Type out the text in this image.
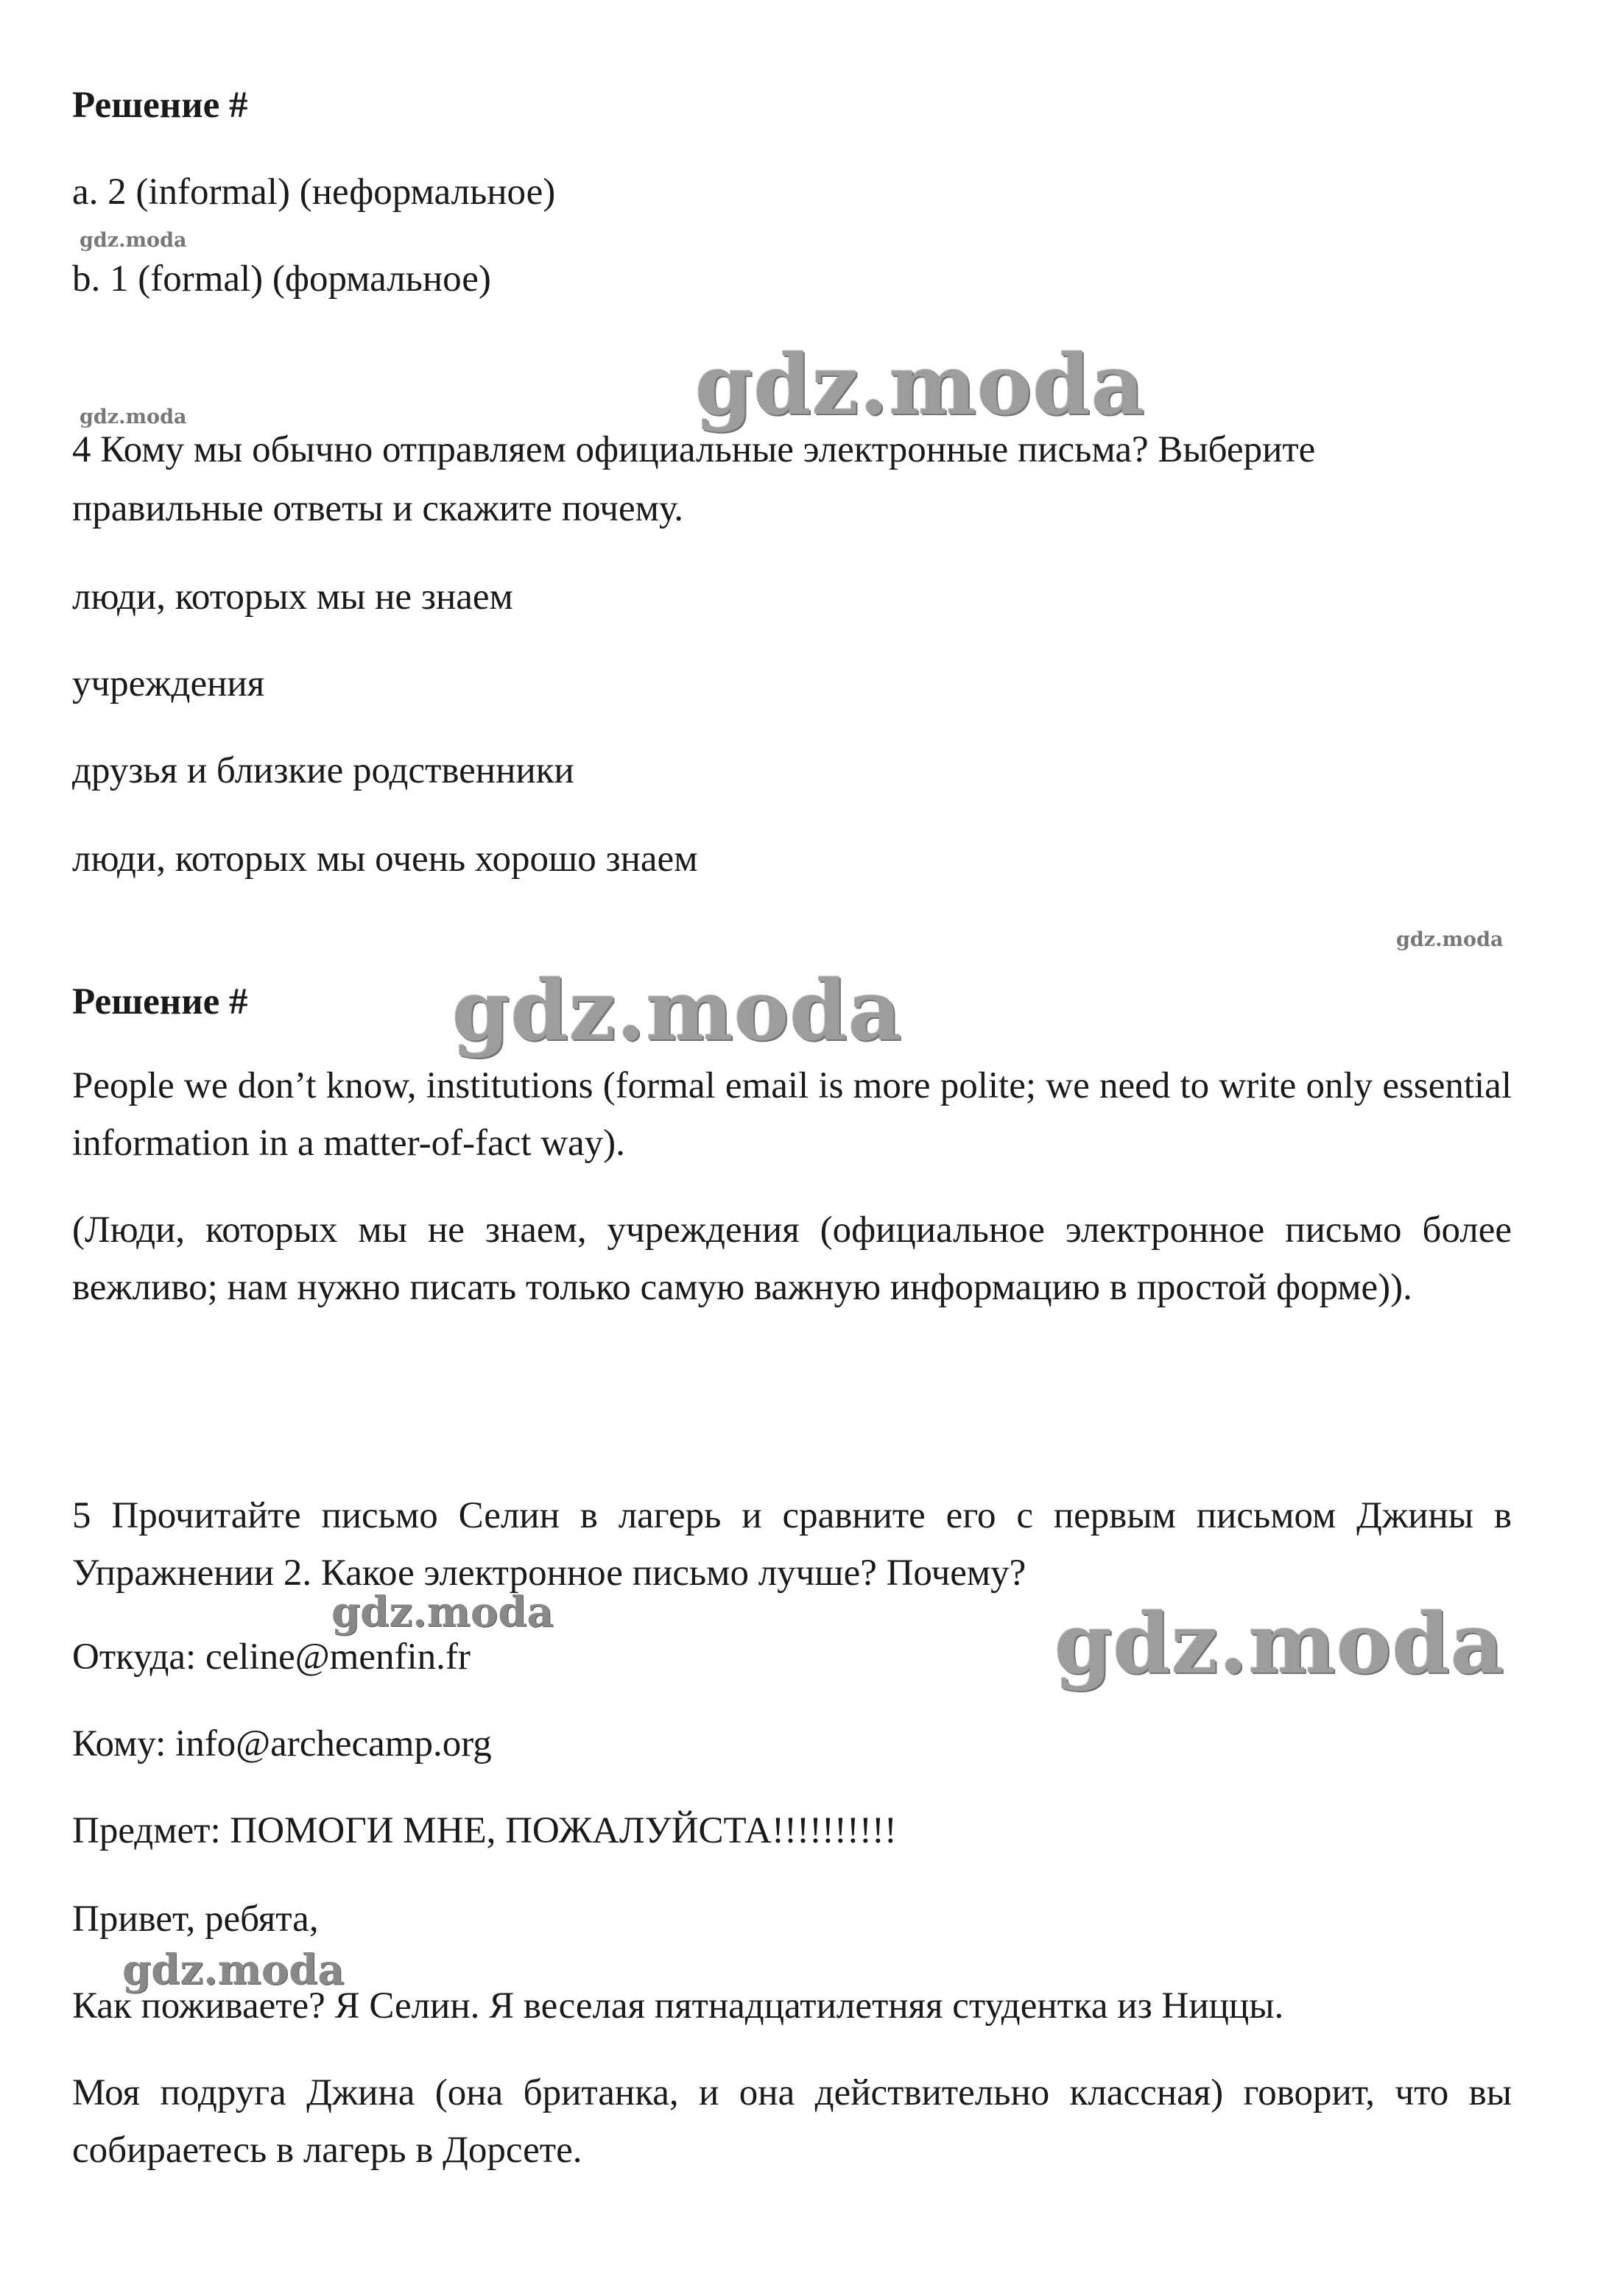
Решение #
a. 2 (informal) (неформальное)
gdz.moda
b. 1 (formal) (формальное)
gdz.moda
gdz.moda
4 Кому мы обычно отправляем официальные электронные письма? Выберите
правильные ответы и скажите почему.
люди, которых мы не знаем
учреждения
друзья и близкие родственники
люди, которых мы очень хорошо знаем
gdz.moda
Решение # gdz.moda
People we don’t know, institutions (formal email is more polite; we need to write only essential information in a matter-of-fact way).
(Люди, которых мы не знаем, учреждения (официальное электронное письмо более вежливо; нам нужно писать только самую важную информацию в простой форме)).
5 Прочитайте письмо Селин в лагерь и сравните его с первым письмом Джины в Упражнении 2. Какое электронное письмо лучше? Почему?
gdz.moda	gdz.moda
Откуда: celine@menfin.fr
Кому: info@archecamp.org
Предмет: ПОМОГИ МНЕ, ПОЖАЛУЙСТА!!!!!!!!!!
Привет, ребята,
gdz.moda
Как поживаете? Я Селин. Я веселая пятнадцатилетняя студентка из Ниццы.
Моя подруга Джина (она британка, и она действительно классная) говорит, что вы собираетесь в лагерь в Дорсете.
